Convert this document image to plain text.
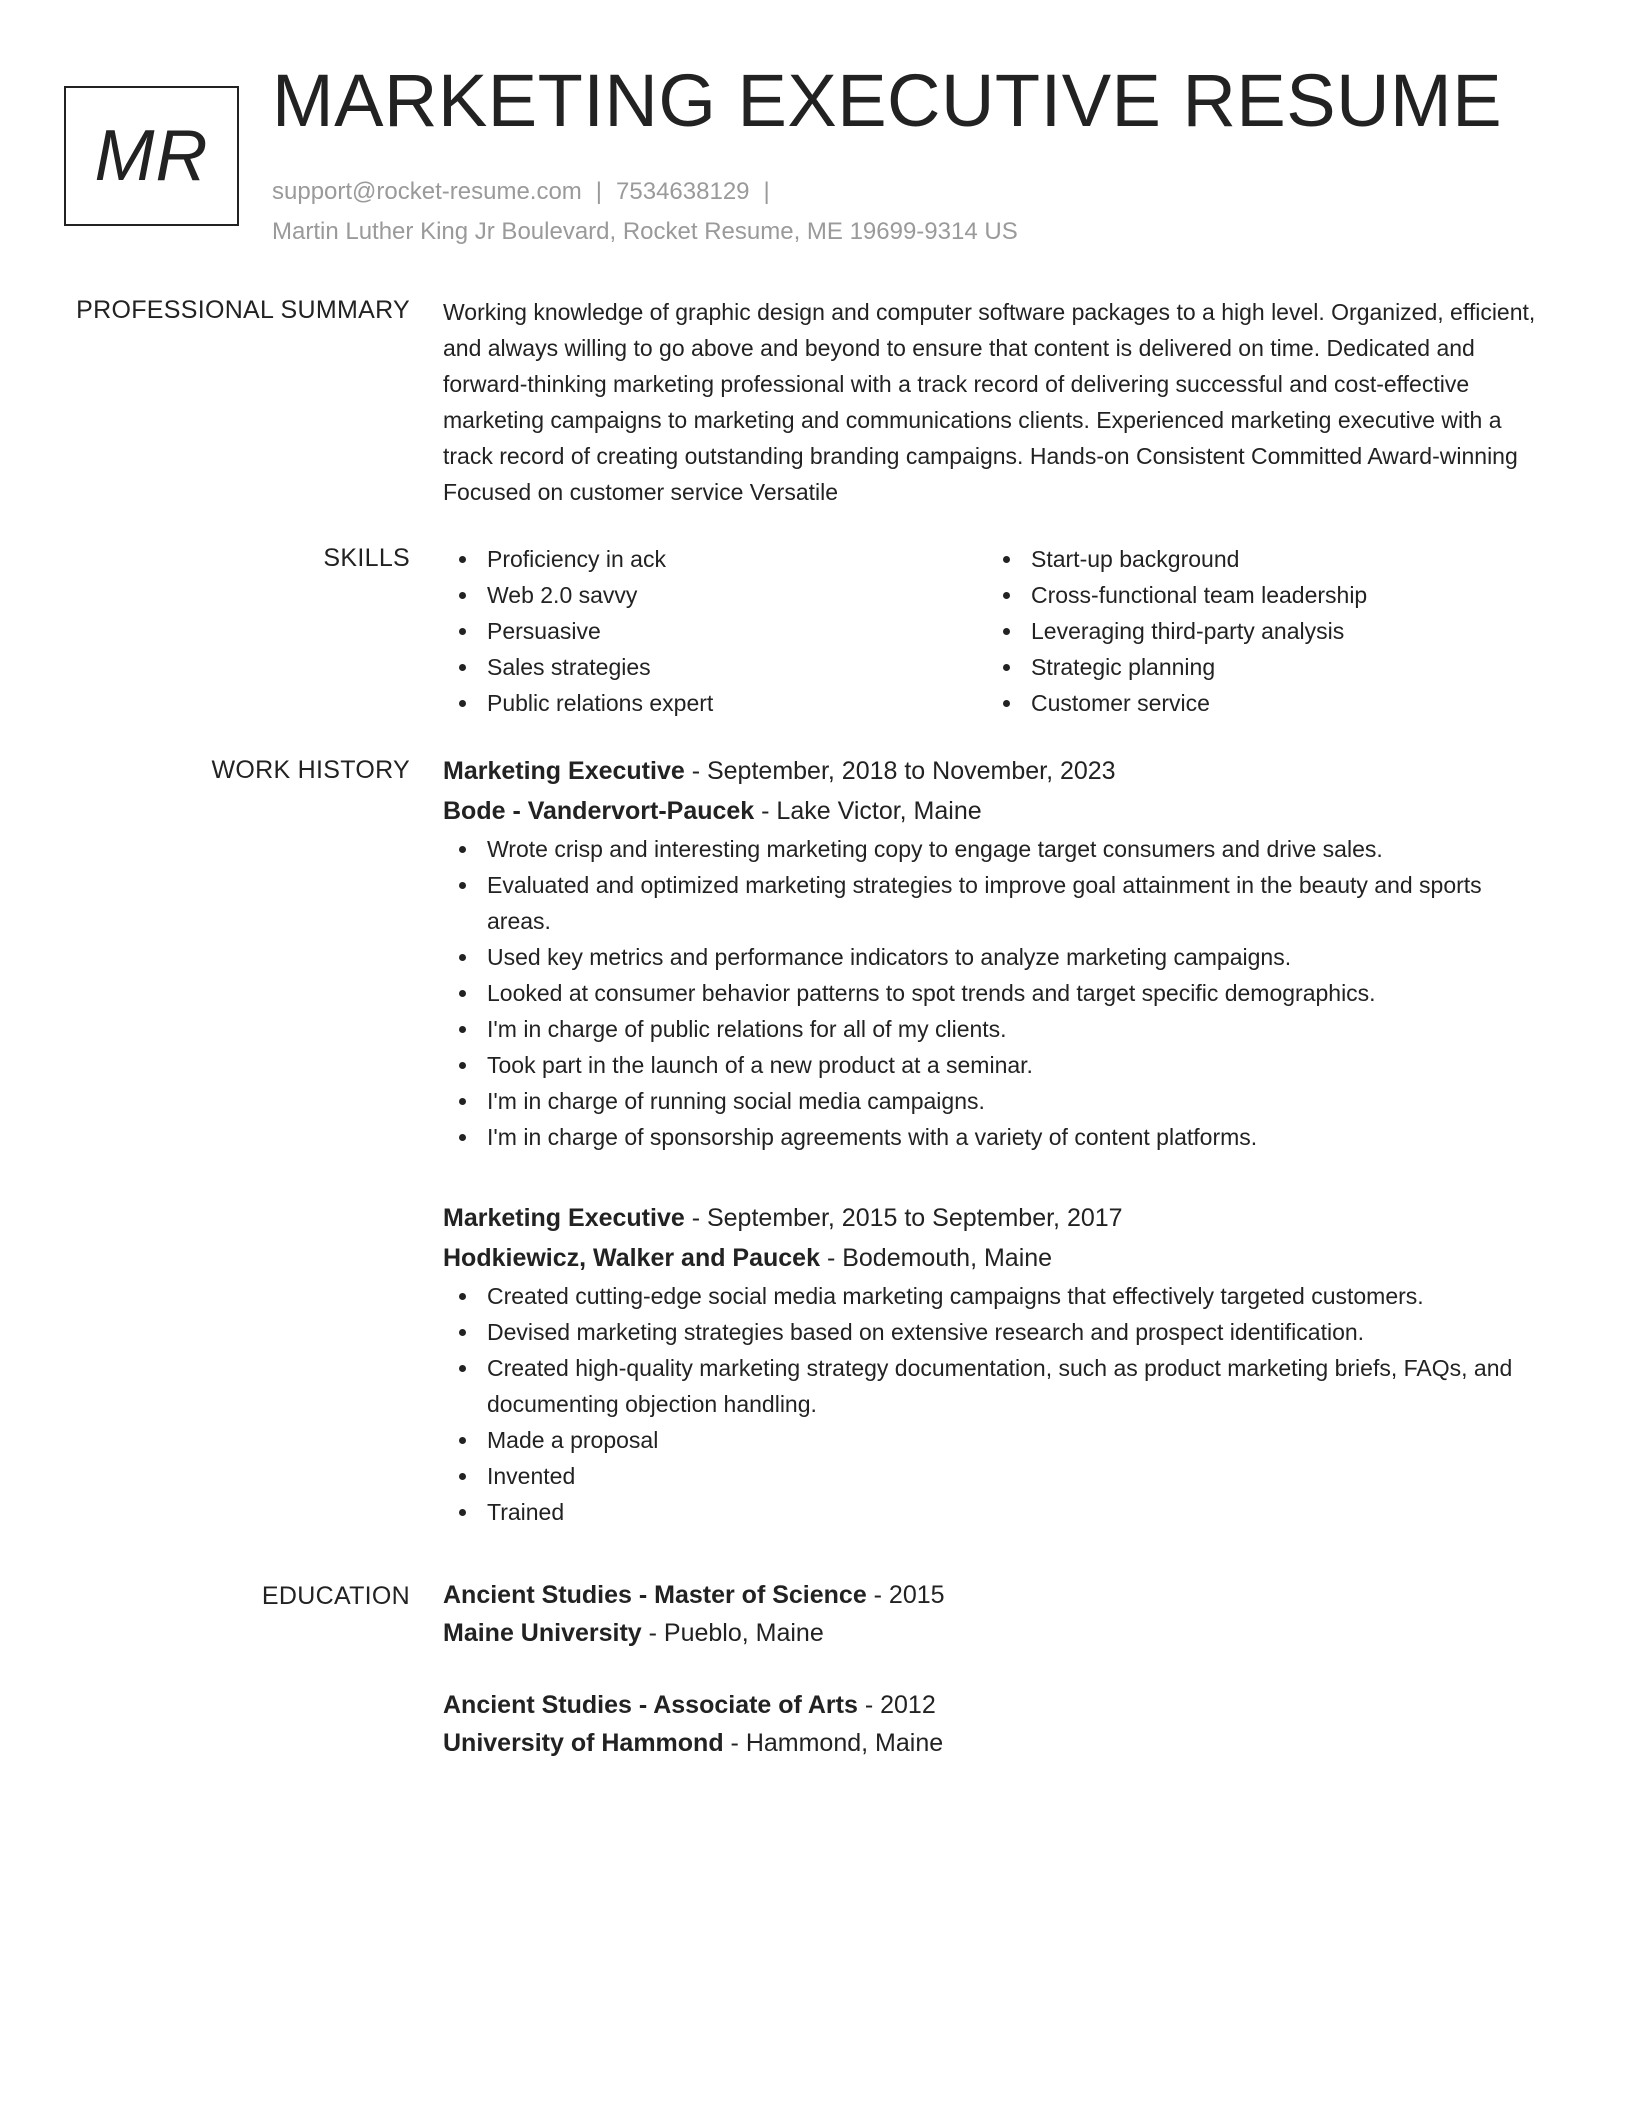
MR
MARKETING EXECUTIVE RESUME
support@rocket-resume.com | 7534638129 |
Martin Luther King Jr Boulevard, Rocket Resume, ME 19699-9314 US
PROFESSIONAL SUMMARY Working knowledge of graphic design and computer software packages to a high level. Organized, efficient, and always willing to go above and beyond to ensure that content is delivered on time. Dedicated and forward-thinking marketing professional with a track record of delivering successful and cost-effective marketing campaigns to marketing and communications clients. Experienced marketing executive with a track record of creating outstanding branding campaigns. Hands-on Consistent Committed Award-winning Focused on customer service Versatile

SKILLS	Proficiency in ack
Web 2.0 savvy
Persuasive
Sales strategies
Public relations expert
Start-up background
Cross-functional team leadership
Leveraging third-party analysis
Strategic planning
Customer service
WORK HISTORY Marketing Executive - September, 2018 to November, 2023
Bode - Vandervort-Paucek - Lake Victor, Maine
Wrote crisp and interesting marketing copy to engage target consumers and drive sales.
Evaluated and optimized marketing strategies to improve goal attainment in the beauty and sports areas.
Used key metrics and performance indicators to analyze marketing campaigns.
Looked at consumer behavior patterns to spot trends and target specific demographics.
I'm in charge of public relations for all of my clients.
Took part in the launch of a new product at a seminar.
I'm in charge of running social media campaigns.
I'm in charge of sponsorship agreements with a variety of content platforms.
Marketing Executive - September, 2015 to September, 2017
Hodkiewicz, Walker and Paucek - Bodemouth, Maine
Created cutting-edge social media marketing campaigns that effectively targeted customers.
Devised marketing strategies based on extensive research and prospect identification.
Created high-quality marketing strategy documentation, such as product marketing briefs, FAQs, and documenting objection handling.
Made a proposal
Invented
Trained
EDUCATION Ancient Studies - Master of Science - 2015
Maine University - Pueblo, Maine
Ancient Studies - Associate of Arts - 2012
University of Hammond - Hammond, Maine
